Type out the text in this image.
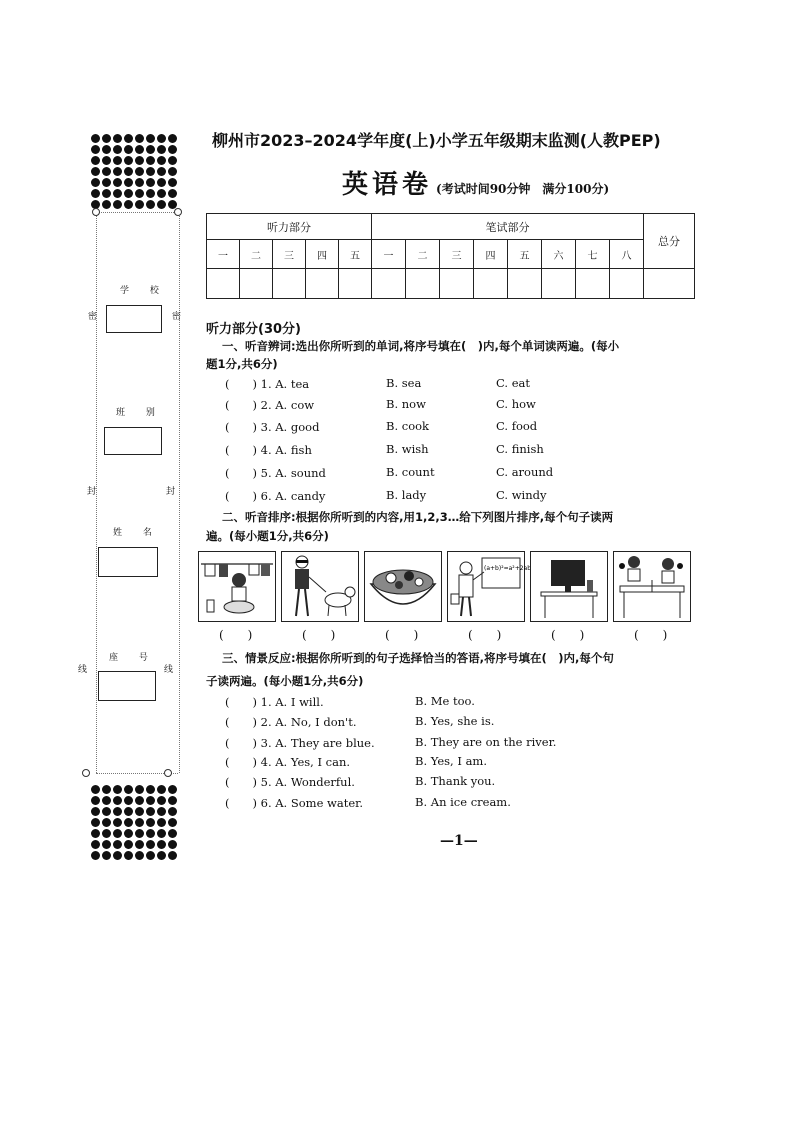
学 校
班 别
姓 名
座 号
密	密
封	封
线	线
柳州市2023–2024学年度(上)小学五年级期末监测(人教PEP)
英语卷 (考试时间90分钟　满分100分)
听力部分					笔试部分								总分
一	二	三	四	五	一	二	三	四	五	六	七	八	

听力部分(30分)
一、听音辨词:选出你所听到的单词,将序号填在(　)内,每个单词读两遍。(每小
题1分,共6分)
(　　) 1. A. tea	B. sea	C. eat
(　　) 2. A. cow	B. now	C. how
(　　) 3. A. good	B. cook	C. food
(　　) 4. A. fish	B. wish	C. finish
(　　) 5. A. sound	B. count	C. around
(　　) 6. A. candy	B. lady	C. windy
二、听音排序:根据你所听到的内容,用1,2,3…给下列图片排序,每个句子读两
遍。(每小题1分,共6分)
(a+b)²=a²+2ab
(　　)	(　　)	(　　)	(　　)	(　　)	(　　)
三、情景反应:根据你所听到的句子选择恰当的答语,将序号填在(　)内,每个句
子读两遍。(每小题1分,共6分)
(　　) 1. A. I will.	B. Me too.
(　　) 2. A. No, I don't.	B. Yes, she is.
(　　) 3. A. They are blue.	B. They are on the river.
(　　) 4. A. Yes, I can.	B. Yes, I am.
(　　) 5. A. Wonderful.	B. Thank you.
(　　) 6. A. Some water.	B. An ice cream.
—1—
